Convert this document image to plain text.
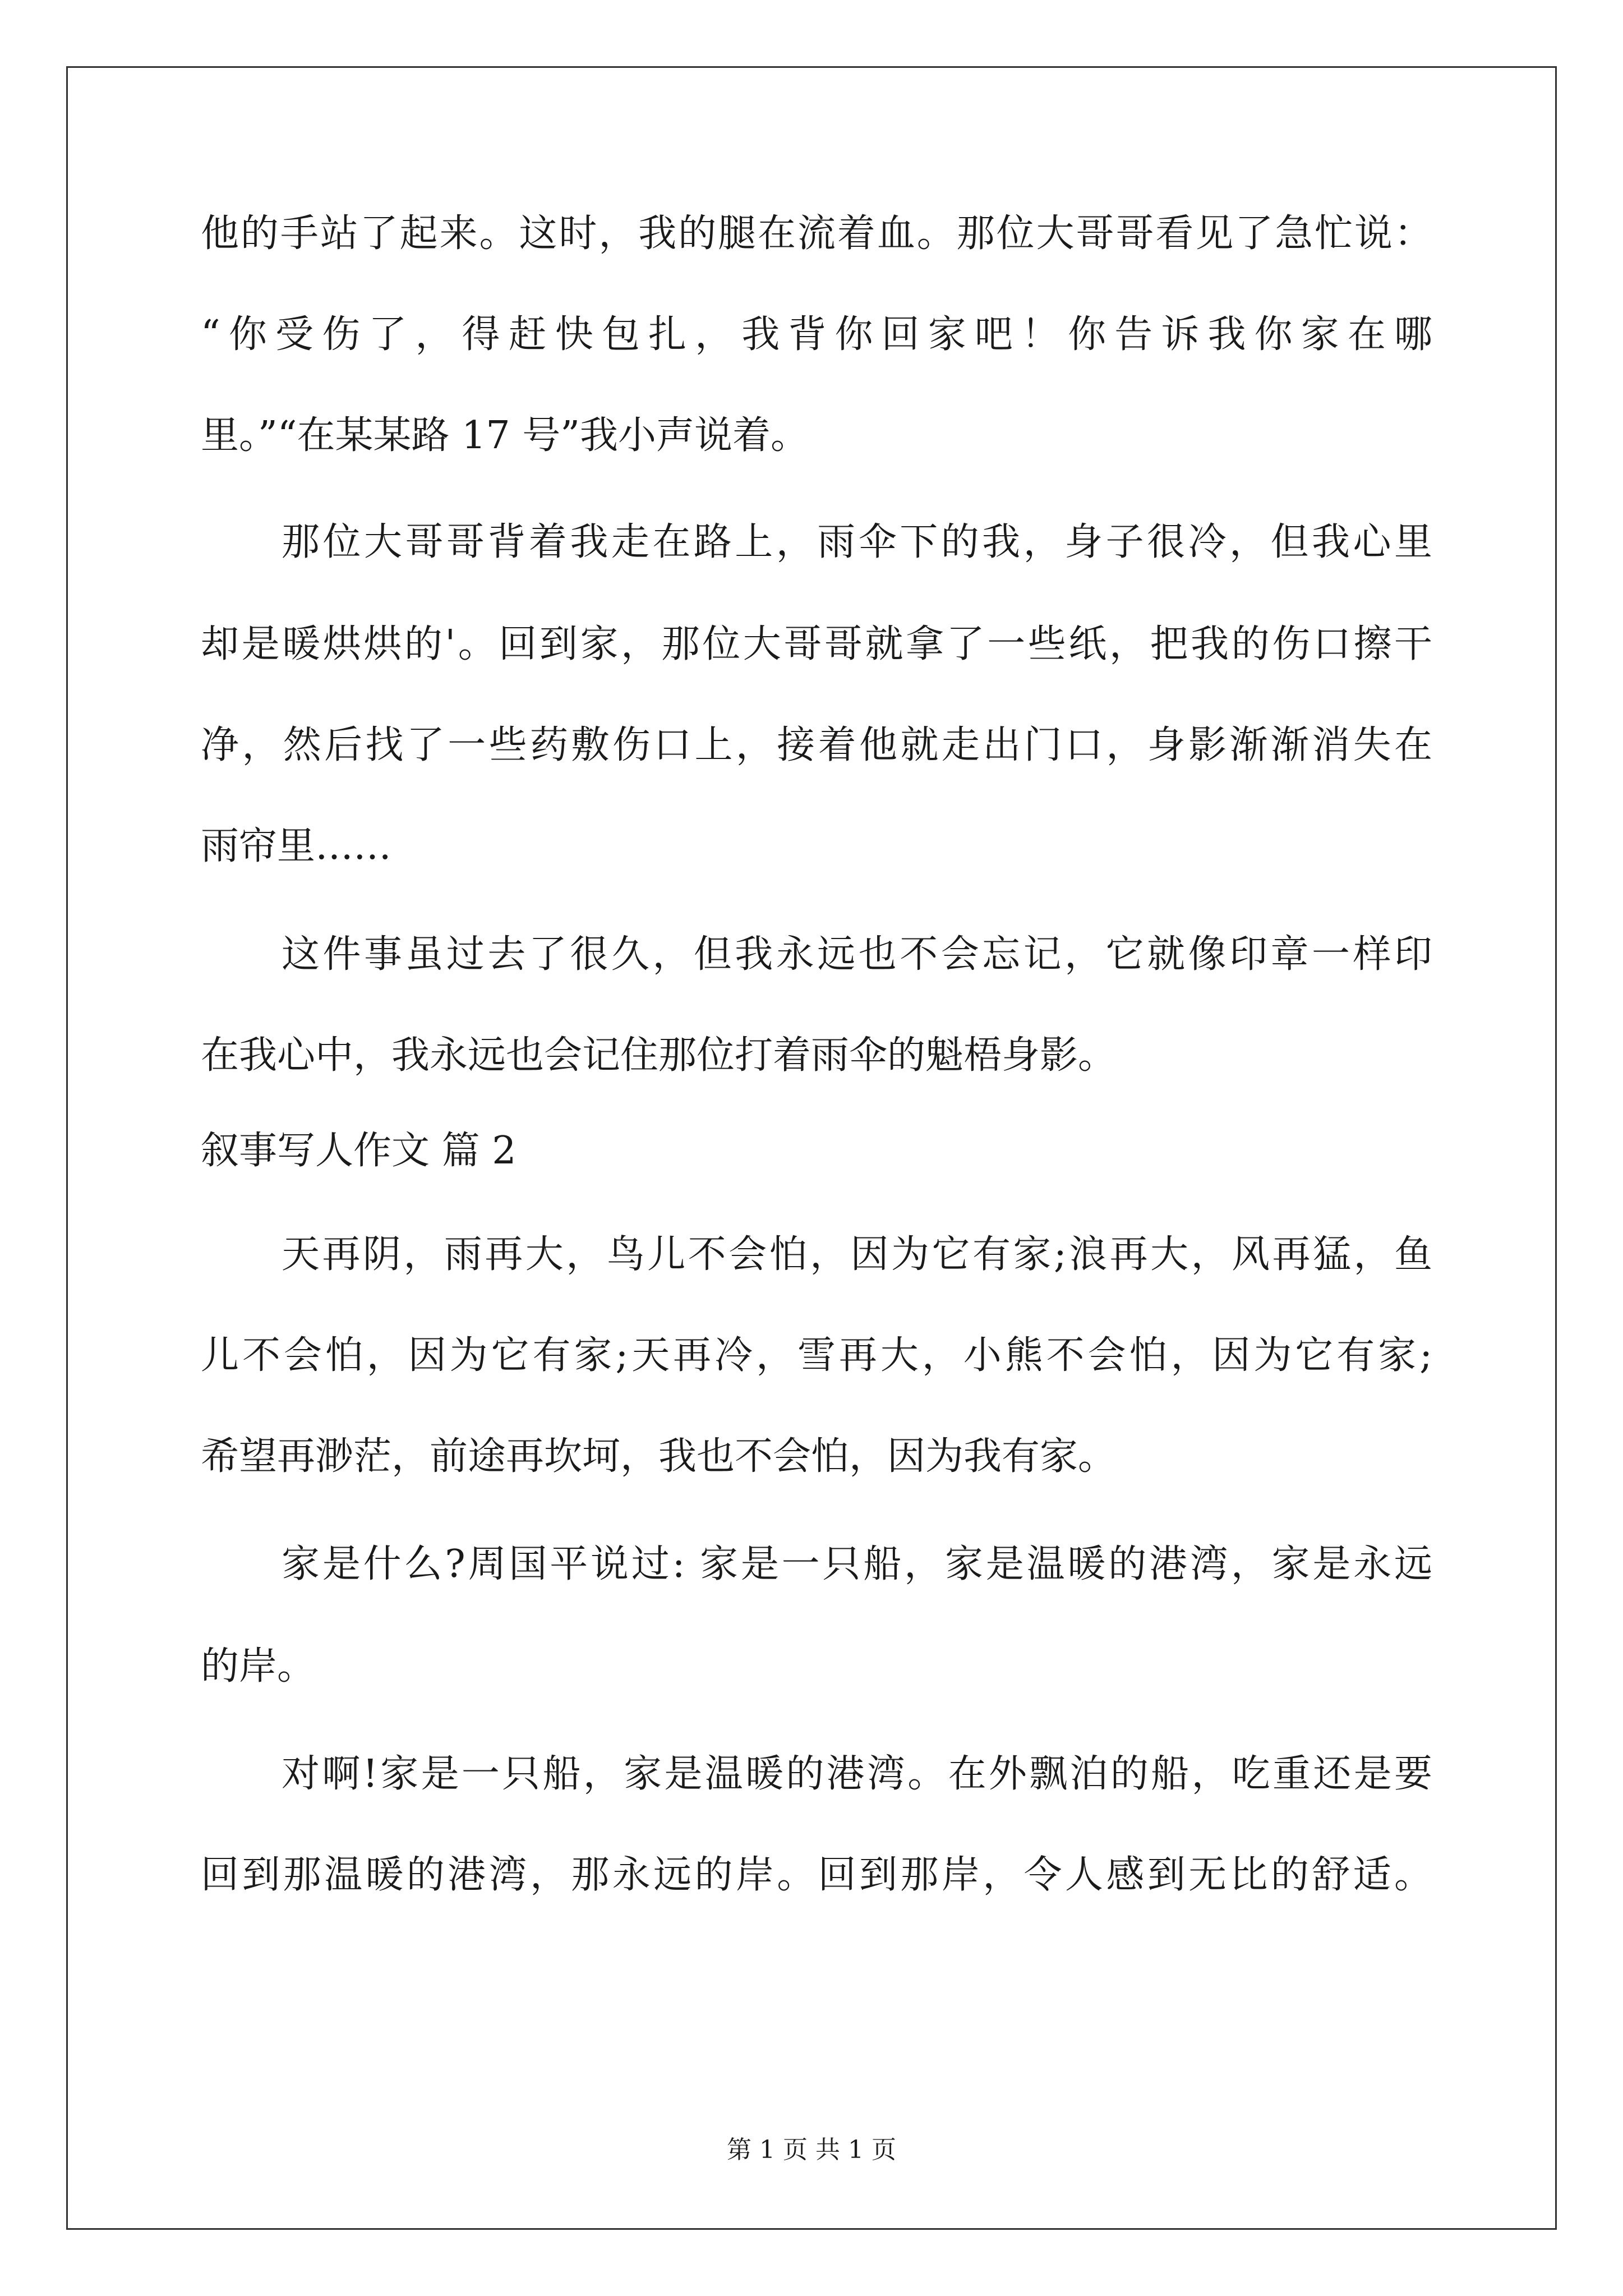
他的手站了起来。这时，我的腿在流着血。那位大哥哥看见了急忙说：
“你受伤了，得赶快包扎，我背你回家吧！你告诉我你家在哪
里。”“在某某路 17 号”我小声说着。
那位大哥哥背着我走在路上，雨伞下的我，身子很冷，但我心里
却是暖烘烘的'。回到家，那位大哥哥就拿了一些纸，把我的伤口擦干
净，然后找了一些药敷伤口上，接着他就走出门口，身影渐渐消失在
雨帘里……
这件事虽过去了很久，但我永远也不会忘记，它就像印章一样印
在我心中，我永远也会记住那位打着雨伞的魁梧身影。
叙事写人作文 篇 2
天再阴，雨再大，鸟儿不会怕，因为它有家;浪再大，风再猛，鱼
儿不会怕，因为它有家;天再冷，雪再大，小熊不会怕，因为它有家;
希望再渺茫，前途再坎坷，我也不会怕，因为我有家。
家是什么?周国平说过: 家是一只船，家是温暖的港湾，家是永远
的岸。
对啊!家是一只船，家是温暖的港湾。在外飘泊的船，吃重还是要
回到那温暖的港湾，那永远的岸。回到那岸，令人感到无比的舒适。
第 1 页 共 1 页
